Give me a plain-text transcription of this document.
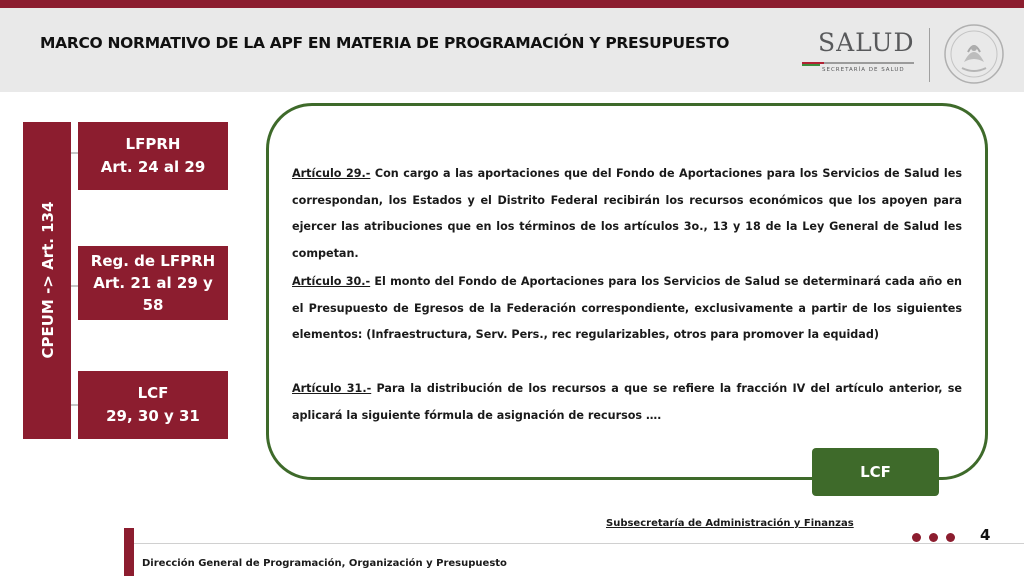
MARCO NORMATIVO DE LA APF EN MATERIA DE PROGRAMACIÓN Y PRESUPUESTO	SALUD
SECRETARÍA DE SALUD
CPEUM -> Art. 134
LFPRH
Art. 24 al 29
Reg. de LFPRH
Art. 21 al 29 y
58
LCF
29, 30 y 31

Artículo 29.- Con cargo a las aportaciones que del Fondo de Aportaciones para los Servicios de Salud les correspondan, los Estados y el Distrito Federal recibirán los recursos económicos que los apoyen para ejercer las atribuciones que en los términos de los artículos 3o., 13 y 18 de la Ley General de Salud les competan.

Artículo 30.- El monto del Fondo de Aportaciones para los Servicios de Salud se determinará cada año en el Presupuesto de Egresos de la Federación correspondiente, exclusivamente a partir de los siguientes elementos: (Infraestructura, Serv. Pers., rec regularizables, otros para promover la equidad)

Artículo 31.- Para la distribución de los recursos a que se refiere la fracción IV del artículo anterior, se aplicará la siguiente fórmula de asignación de recursos ….

LCF
Subsecretaría de Administración y Finanzas
Dirección General de Programación, Organización y Presupuesto
4
